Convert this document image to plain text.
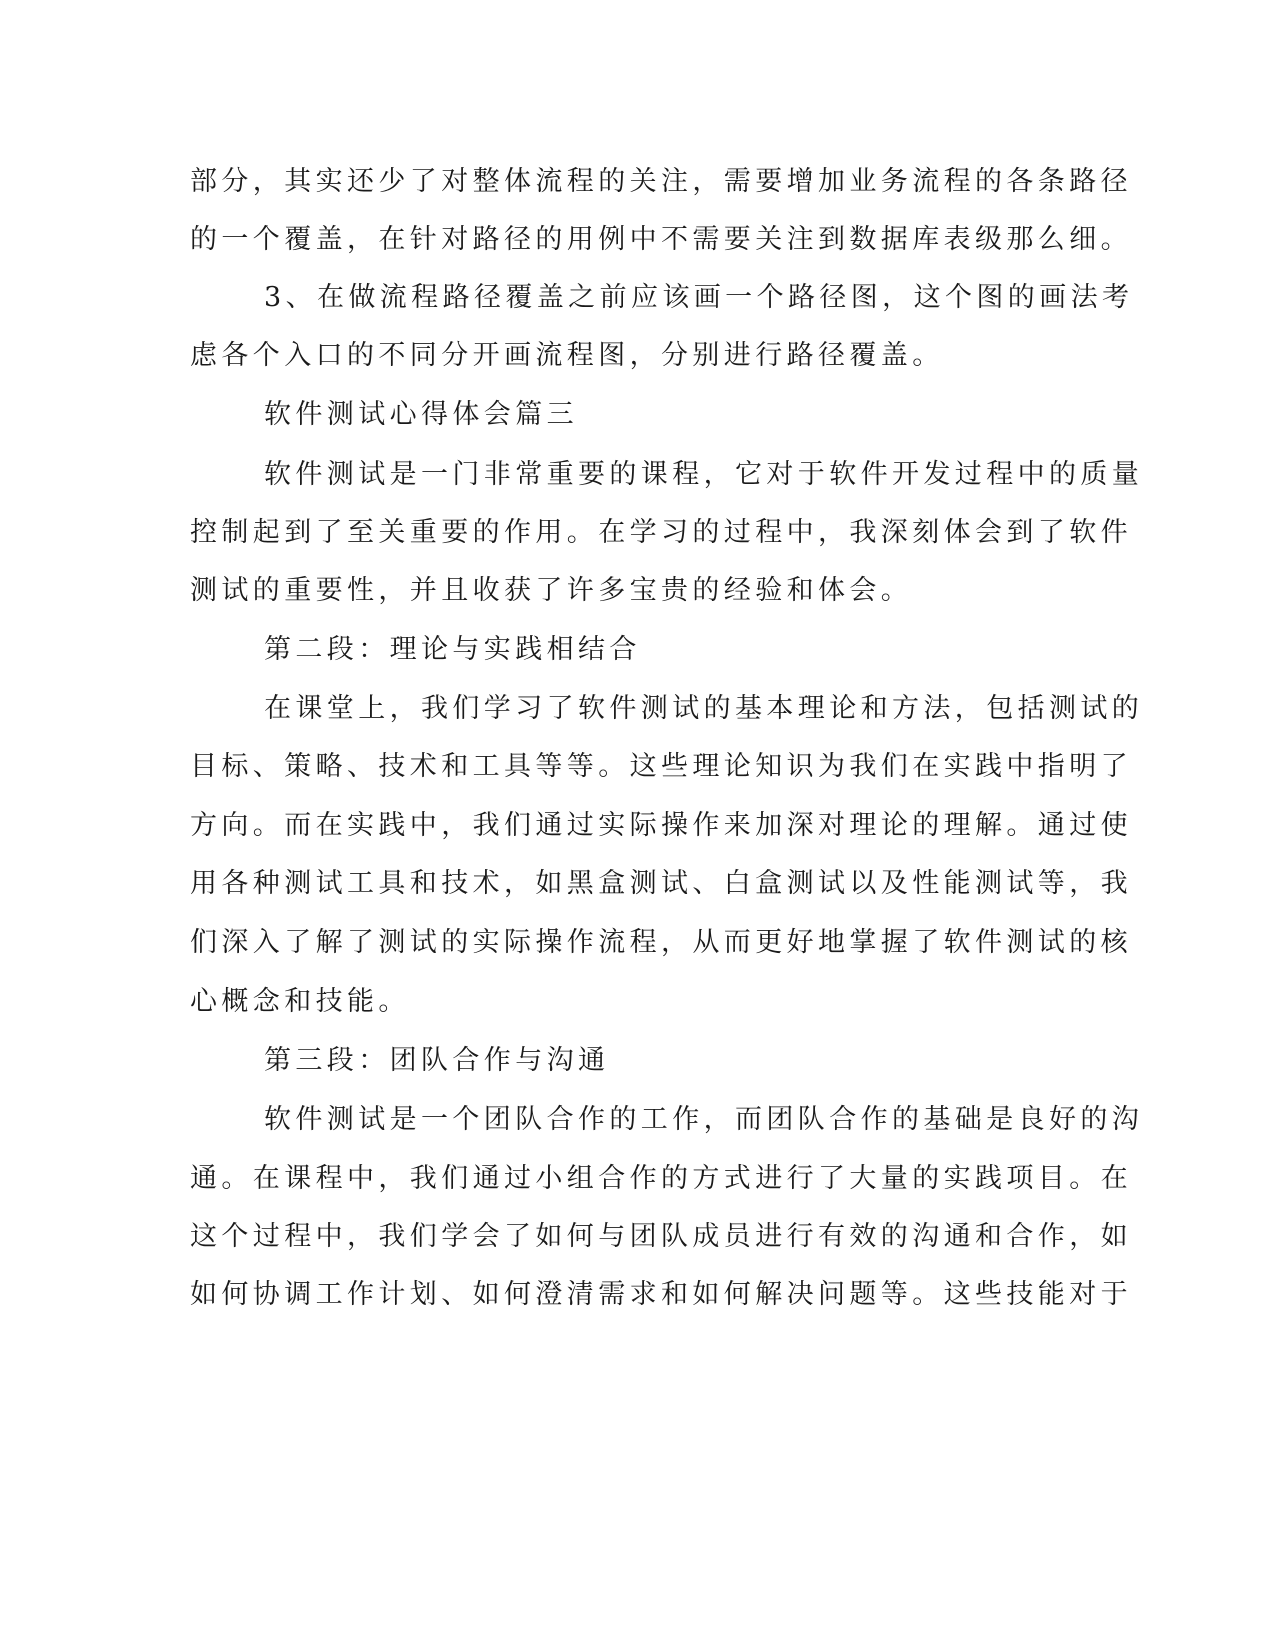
部分，其实还少了对整体流程的关注，需要增加业务流程的各条路径
的一个覆盖，在针对路径的用例中不需要关注到数据库表级那么细。
3、在做流程路径覆盖之前应该画一个路径图，这个图的画法考
虑各个入口的不同分开画流程图，分别进行路径覆盖。
软件测试心得体会篇三
软件测试是一门非常重要的课程，它对于软件开发过程中的质量
控制起到了至关重要的作用。在学习的过程中，我深刻体会到了软件
测试的重要性，并且收获了许多宝贵的经验和体会。
第二段：理论与实践相结合
在课堂上，我们学习了软件测试的基本理论和方法，包括测试的
目标、策略、技术和工具等等。这些理论知识为我们在实践中指明了
方向。而在实践中，我们通过实际操作来加深对理论的理解。通过使
用各种测试工具和技术，如黑盒测试、白盒测试以及性能测试等，我
们深入了解了测试的实际操作流程，从而更好地掌握了软件测试的核
心概念和技能。
第三段：团队合作与沟通
软件测试是一个团队合作的工作，而团队合作的基础是良好的沟
通。在课程中，我们通过小组合作的方式进行了大量的实践项目。在
这个过程中，我们学会了如何与团队成员进行有效的沟通和合作，如
如何协调工作计划、如何澄清需求和如何解决问题等。这些技能对于
